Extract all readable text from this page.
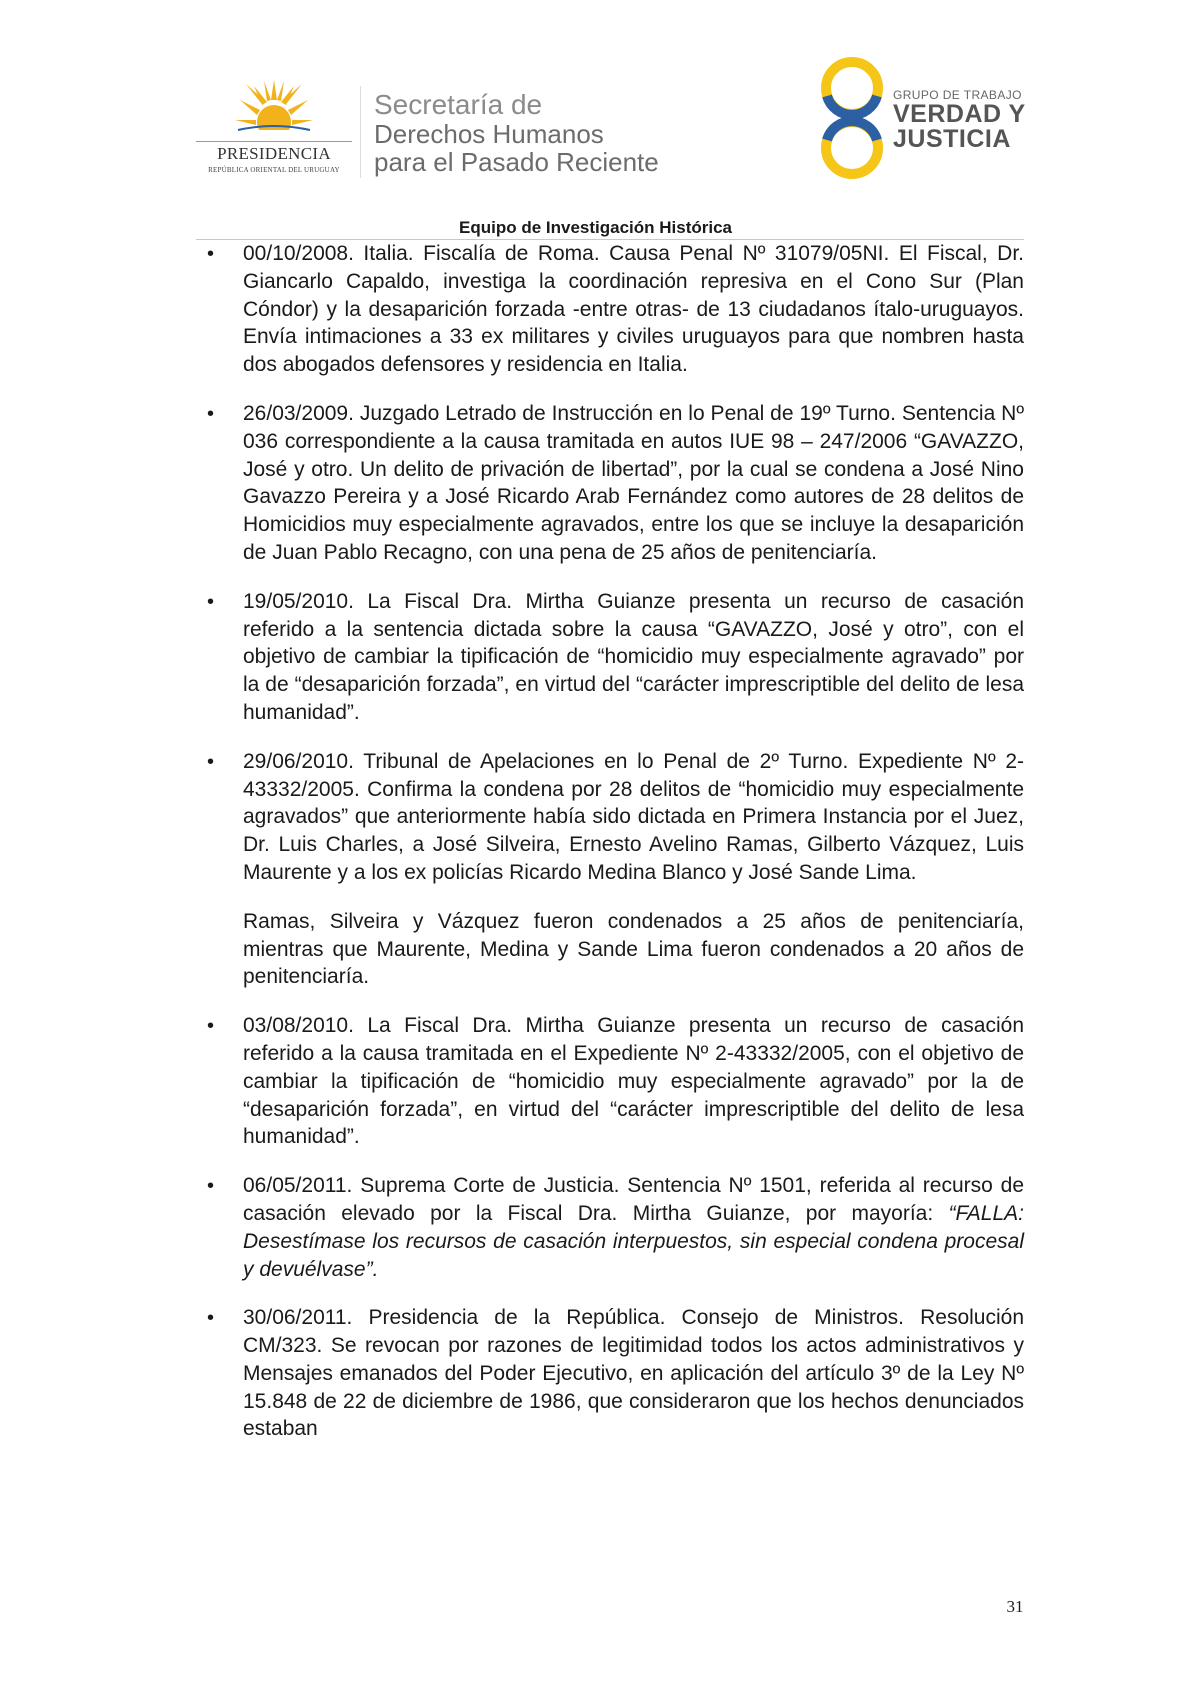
PRESIDENCIA
REPÚBLICA ORIENTAL DEL URUGUAY
Secretaría de
Derechos Humanos
para el Pasado Reciente
GRUPO DE TRABAJO
VERDAD Y
JUSTICIA
Equipo de Investigación Histórica
• 00/10/2008. Italia. Fiscalía de Roma. Causa Penal Nº 31079/05NI. El Fiscal, Dr. Giancarlo Capaldo, investiga la coordinación represiva en el Cono Sur (Plan Cóndor) y la desaparición forzada -entre otras- de 13 ciudadanos ítalo-uruguayos. Envía intimaciones a 33 ex militares y civiles uruguayos para que nombren hasta dos abogados defensores y residencia en Italia.

• 26/03/2009. Juzgado Letrado de Instrucción en lo Penal de 19º Turno. Sentencia Nº 036 correspondiente a la causa tramitada en autos IUE 98 – 247/2006 “GAVAZZO, José y otro. Un delito de privación de libertad”, por la cual se condena a José Nino Gavazzo Pereira y a José Ricardo Arab Fernández como autores de 28 delitos de Homicidios muy especialmente agravados, entre los que se incluye la desaparición de Juan Pablo Recagno, con una pena de 25 años de penitenciaría.

• 19/05/2010. La Fiscal Dra. Mirtha Guianze presenta un recurso de casación referido a la sentencia dictada sobre la causa “GAVAZZO, José y otro”, con el objetivo de cambiar la tipificación de “homicidio muy especialmente agravado” por la de “desaparición forzada”, en virtud del “carácter imprescriptible del delito de lesa humanidad”.

• 29/06/2010. Tribunal de Apelaciones en lo Penal de 2º Turno. Expediente Nº 2-43332/2005. Confirma la condena por 28 delitos de “homicidio muy especialmente agravados” que anteriormente había sido dictada en Primera Instancia por el Juez, Dr. Luis Charles, a José Silveira, Ernesto Avelino Ramas, Gilberto Vázquez, Luis Maurente y a los ex policías Ricardo Medina Blanco y José Sande Lima.

Ramas, Silveira y Vázquez fueron condenados a 25 años de penitenciaría, mientras que Maurente, Medina y Sande Lima fueron condenados a 20 años de penitenciaría.

• 03/08/2010. La Fiscal Dra. Mirtha Guianze presenta un recurso de casación referido a la causa tramitada en el Expediente Nº 2-43332/2005, con el objetivo de cambiar la tipificación de “homicidio muy especialmente agravado” por la de “desaparición forzada”, en virtud del “carácter imprescriptible del delito de lesa humanidad”.

• 06/05/2011. Suprema Corte de Justicia. Sentencia Nº 1501, referida al recurso de casación elevado por la Fiscal Dra. Mirtha Guianze, por mayoría: “FALLA: Desestímase los recursos de casación interpuestos, sin especial condena procesal y devuélvase”.

• 30/06/2011. Presidencia de la República. Consejo de Ministros. Resolución CM/323. Se revocan por razones de legitimidad todos los actos administrativos y Mensajes emanados del Poder Ejecutivo, en aplicación del artículo 3º de la Ley Nº 15.848 de 22 de diciembre de 1986, que consideraron que los hechos denunciados estaban

31
